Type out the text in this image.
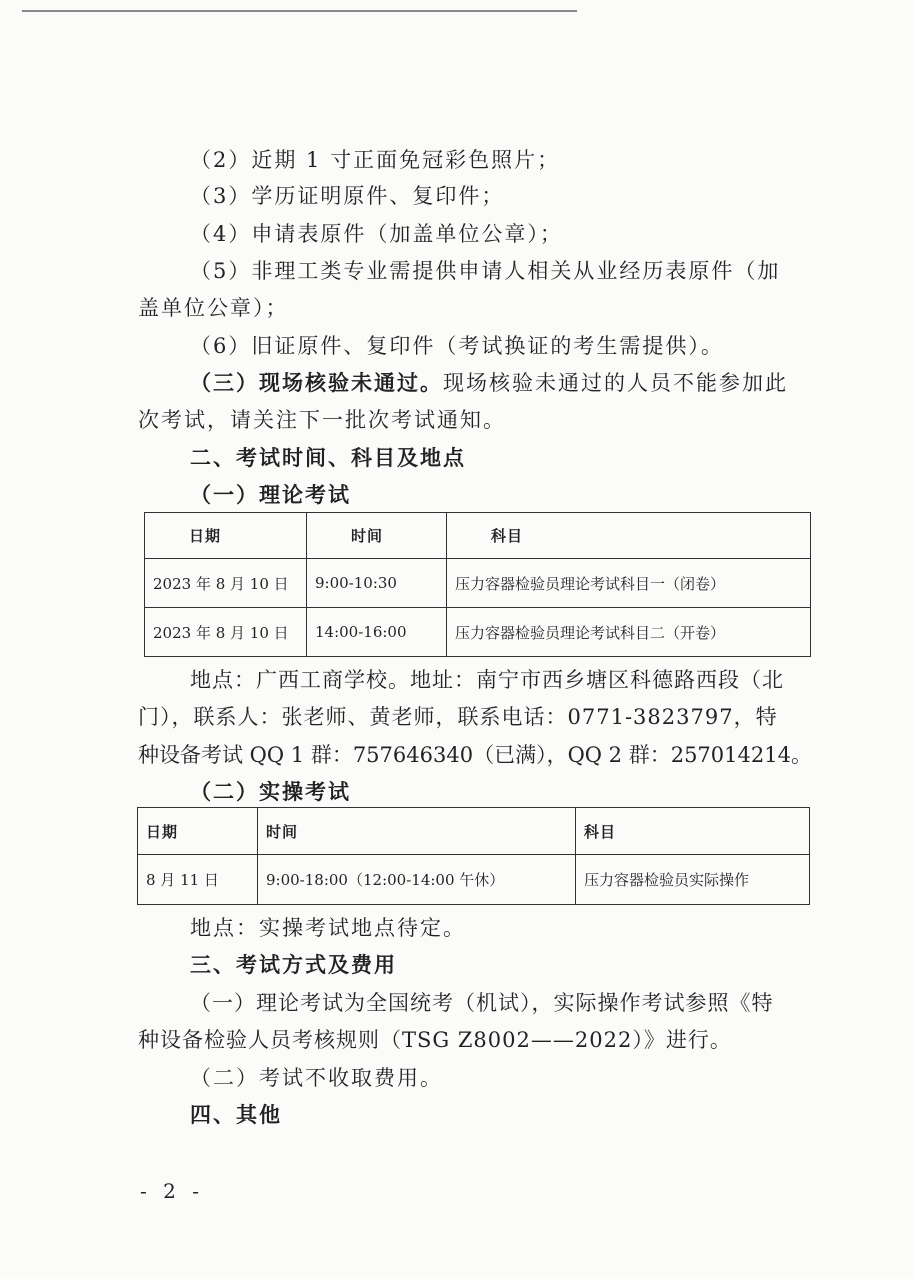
（2）近期 1 寸正面免冠彩色照片；
（3）学历证明原件、复印件；
（4）申请表原件（加盖单位公章）；
（5）非理工类专业需提供申请人相关从业经历表原件（加
盖单位公章）；
（6）旧证原件、复印件（考试换证的考生需提供）。
（三）现场核验未通过。现场核验未通过的人员不能参加此
次考试，请关注下一批次考试通知。
二、考试时间、科目及地点
（一）理论考试
日期	时间	科目
2023 年 8 月 10 日	9:00-10:30	压力容器检验员理论考试科目一（闭卷）
2023 年 8 月 10 日	14:00-16:00	压力容器检验员理论考试科目二（开卷）
地点：广西工商学校。地址：南宁市西乡塘区科德路西段（北
门），联系人：张老师、黄老师，联系电话：0771-3823797，特
种设备考试 QQ 1 群：757646340（已满），QQ 2 群：257014214。
（二）实操考试
日期	时间	科目
8 月 11 日	9:00-18:00（12:00-14:00 午休）	压力容器检验员实际操作
地点：实操考试地点待定。
三、考试方式及费用
（一）理论考试为全国统考（机试），实际操作考试参照《特
种设备检验人员考核规则（TSG Z8002——2022）》进行。
（二）考试不收取费用。
四、其他
- 2 -
